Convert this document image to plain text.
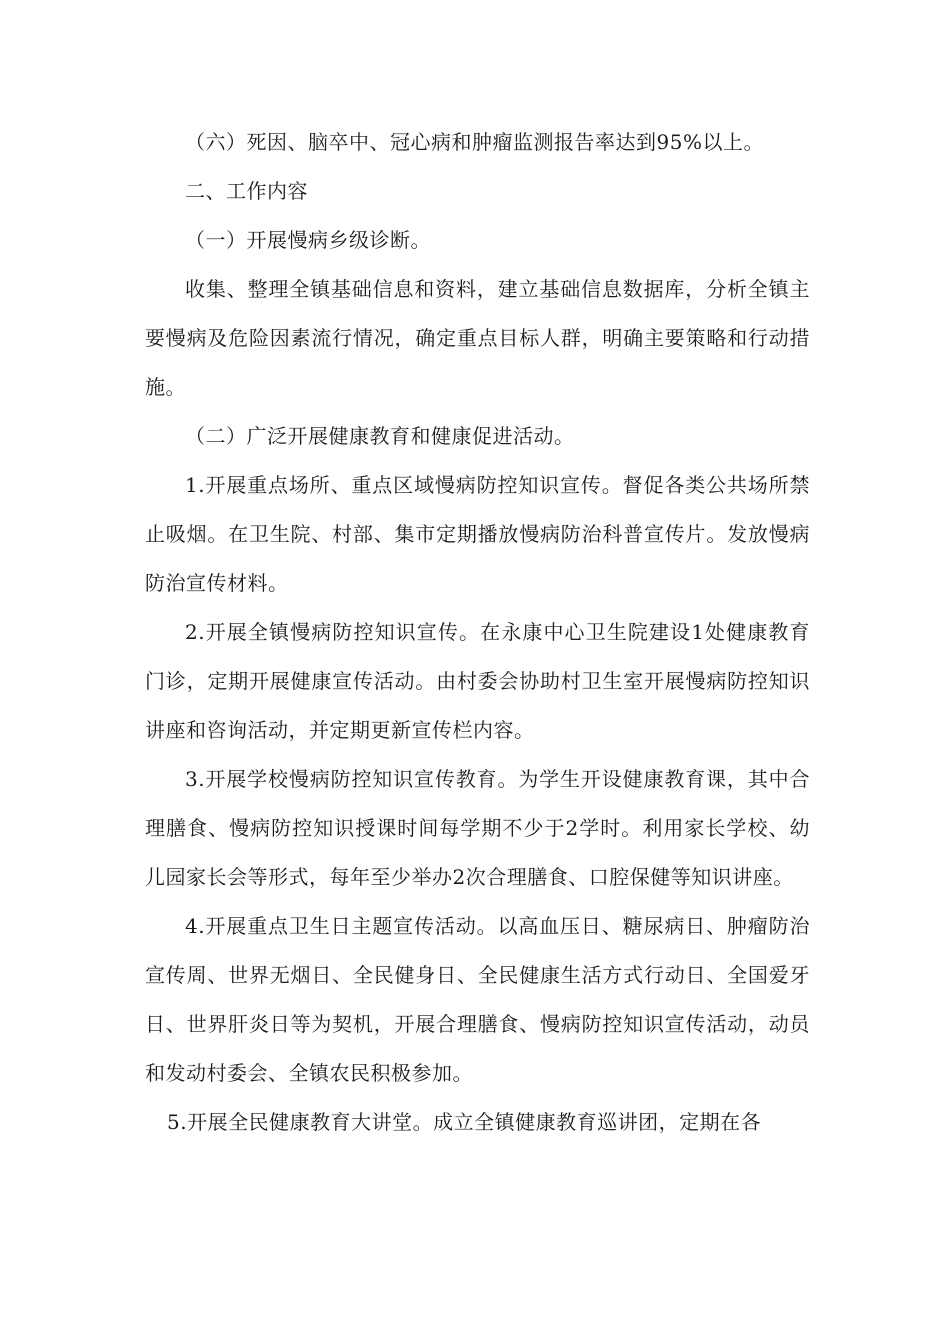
（六）死因、脑卒中、冠心病和肿瘤监测报告率达到95%以上。

二、工作内容

（一）开展慢病乡级诊断。

收集、整理全镇基础信息和资料，建立基础信息数据库，分析全镇主要慢病及危险因素流行情况，确定重点目标人群，明确主要策略和行动措施。

（二）广泛开展健康教育和健康促进活动。

1.开展重点场所、重点区域慢病防控知识宣传。督促各类公共场所禁止吸烟。在卫生院、村部、集市定期播放慢病防治科普宣传片。发放慢病防治宣传材料。

2.开展全镇慢病防控知识宣传。在永康中心卫生院建设1处健康教育门诊，定期开展健康宣传活动。由村委会协助村卫生室开展慢病防控知识讲座和咨询活动，并定期更新宣传栏内容。

3.开展学校慢病防控知识宣传教育。为学生开设健康教育课，其中合理膳食、慢病防控知识授课时间每学期不少于2学时。利用家长学校、幼儿园家长会等形式，每年至少举办2次合理膳食、口腔保健等知识讲座。

4.开展重点卫生日主题宣传活动。以高血压日、糖尿病日、肿瘤防治宣传周、世界无烟日、全民健身日、全民健康生活方式行动日、全国爱牙日、世界肝炎日等为契机，开展合理膳食、慢病防控知识宣传活动，动员和发动村委会、全镇农民积极参加。

5.开展全民健康教育大讲堂。成立全镇健康教育巡讲团，定期在各
